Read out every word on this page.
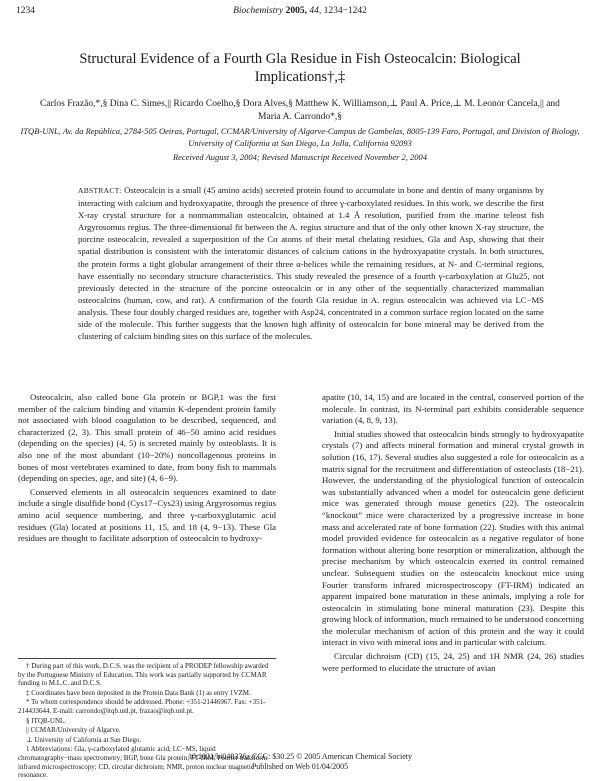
1234	Biochemistry 2005, 44, 1234−1242
Structural Evidence of a Fourth Gla Residue in Fish Osteocalcin: Biological Implications†,‡
Carlos Frazão,*,§ Dina C. Simes,|| Ricardo Coelho,§ Dora Alves,§ Matthew K. Williamson,⊥ Paul A. Price,⊥ M. Leonor Cancela,|| and Maria A. Carrondo*,§
ITQB-UNL, Av. da República, 2784-505 Oeiras, Portugal, CCMAR/University of Algarve-Campus de Gambelas, 8005-139 Faro, Portugal, and Division of Biology, University of California at San Diego, La Jolla, California 92093
Received August 3, 2004; Revised Manuscript Received November 2, 2004
ABSTRACT: Osteocalcin is a small (45 amino acids) secreted protein found to accumulate in bone and dentin of many organisms by interacting with calcium and hydroxyapatite, through the presence of three γ-carboxylated residues. In this work, we describe the first X-ray crystal structure for a nonmammalian osteocalcin, obtained at 1.4 Å resolution, purified from the marine teleost fish Argyrosomus regius. The three-dimensional fit between the A. regius structure and that of the only other known X-ray structure, the porcine osteocalcin, revealed a superposition of the Cα atoms of their metal chelating residues, Gla and Asp, showing that their spatial distribution is consistent with the interatomic distances of calcium cations in the hydroxyapatite crystals. In both structures, the protein forms a tight globular arrangement of their three α-helices while the remaining residues, at N- and C-terminal regions, have essentially no secondary structure characteristics. This study revealed the presence of a fourth γ-carboxylation at Glu25, not previously detected in the structure of the porcine osteocalcin or in any other of the sequentially characterized mammalian osteocalcins (human, cow, and rat). A confirmation of the fourth Gla residue in A. regius osteocalcin was achieved via LC−MS analysis. These four doubly charged residues are, together with Asp24, concentrated in a common surface region located on the same side of the molecule. This further suggests that the known high affinity of osteocalcin for bone mineral may be derived from the clustering of calcium binding sites on this surface of the molecules.

Osteocalcin, also called bone Gla protein or BGP,1 was the first member of the calcium binding and vitamin K-dependent protein family not associated with blood coagulation to be described, sequenced, and characterized (2, 3). This small protein of 46−50 amino acid residues (depending on the species) (4, 5) is secreted mainly by osteoblasts. It is also one of the most abundant (10−20%) noncollagenous proteins in bones of most vertebrates examined to date, from bony fish to mammals (depending on species, age, and site) (4, 6−9).

Conserved elements in all osteocalcin sequences examined to date include a single disulfide bond (Cys17−Cys23) using Argyrosomus regius amino acid sequence numbering, and three γ-carboxyglutamic acid residues (Gla) located at positions 11, 15, and 18 (4, 9−13). These Gla residues are thought to facilitate adsorption of osteocalcin to hydroxy-

† During part of this work, D.C.S. was the recipient of a PRODEP fellowship awarded by the Portuguese Ministry of Education. This work was partially supported by CCMAR funding to M.L.C. and D.C.S.
‡ Coordinates have been deposited in the Protein Data Bank (1) as entry 1VZM.
* To whom correspondence should be addressed. Phone: +351-21446967. Fax: +351-214433644. E-mail: carrondo@itqb.unl.pt, frazao@itqb.unl.pt.
§ ITQB-UNL.
|| CCMAR/University of Algarve.
⊥ University of California at San Diego.
1 Abbreviations: Gla, γ-carboxylated glutamic acid; LC−MS, liquid chromatography−mass spectrometry; BGP, bone Gla protein; FT-IRM, Fourier transform infrared microspectroscopy; CD, circular dichroism; NMR, proton nuclear magnetic resonance.

apatite (10, 14, 15) and are located in the central, conserved portion of the molecule. In contrast, its N-terminal part exhibits considerable sequence variation (4, 8, 9, 13).

Initial studies showed that osteocalcin binds strongly to hydroxyapatite crystals (7) and affects mineral formation and mineral crystal growth in solution (16, 17). Several studies also suggested a role for osteocalcin as a matrix signal for the recruitment and differentiation of osteoclasts (18−21). However, the understanding of the physiological function of osteocalcin was substantially advanced when a model for osteocalcin gene deficient mice was generated through mouse genetics (22). The osteocalcin “knockout” mice were characterized by a progressive increase in bone mass and accelerated rate of bone formation (22). Studies with this animal model provided evidence for osteocalcin as a negative regulator of bone formation without altering bone resorption or mineralization, although the precise mechanism by which osteocalcin exerted its control remained unclear. Subsequent studies on the osteocalcin knockout mice using Fourier transform infrared microspectroscopy (FT-IRM) indicated an apparent impaired bone maturation in these animals, implying a role for osteocalcin in stimulating bone mineral maturation (23). Despite this growing block of information, much remained to be understood concerning the molecular mechanism of action of this protein and the way it could interact in vivo with mineral ions and in particular with calcium.

Circular dichroism (CD) (15, 24, 25) and 1H NMR (24, 26) studies were performed to elucidate the structure of avian

10.1021/bi048336z CCC: $30.25 © 2005 American Chemical Society
Published on Web 01/04/2005
